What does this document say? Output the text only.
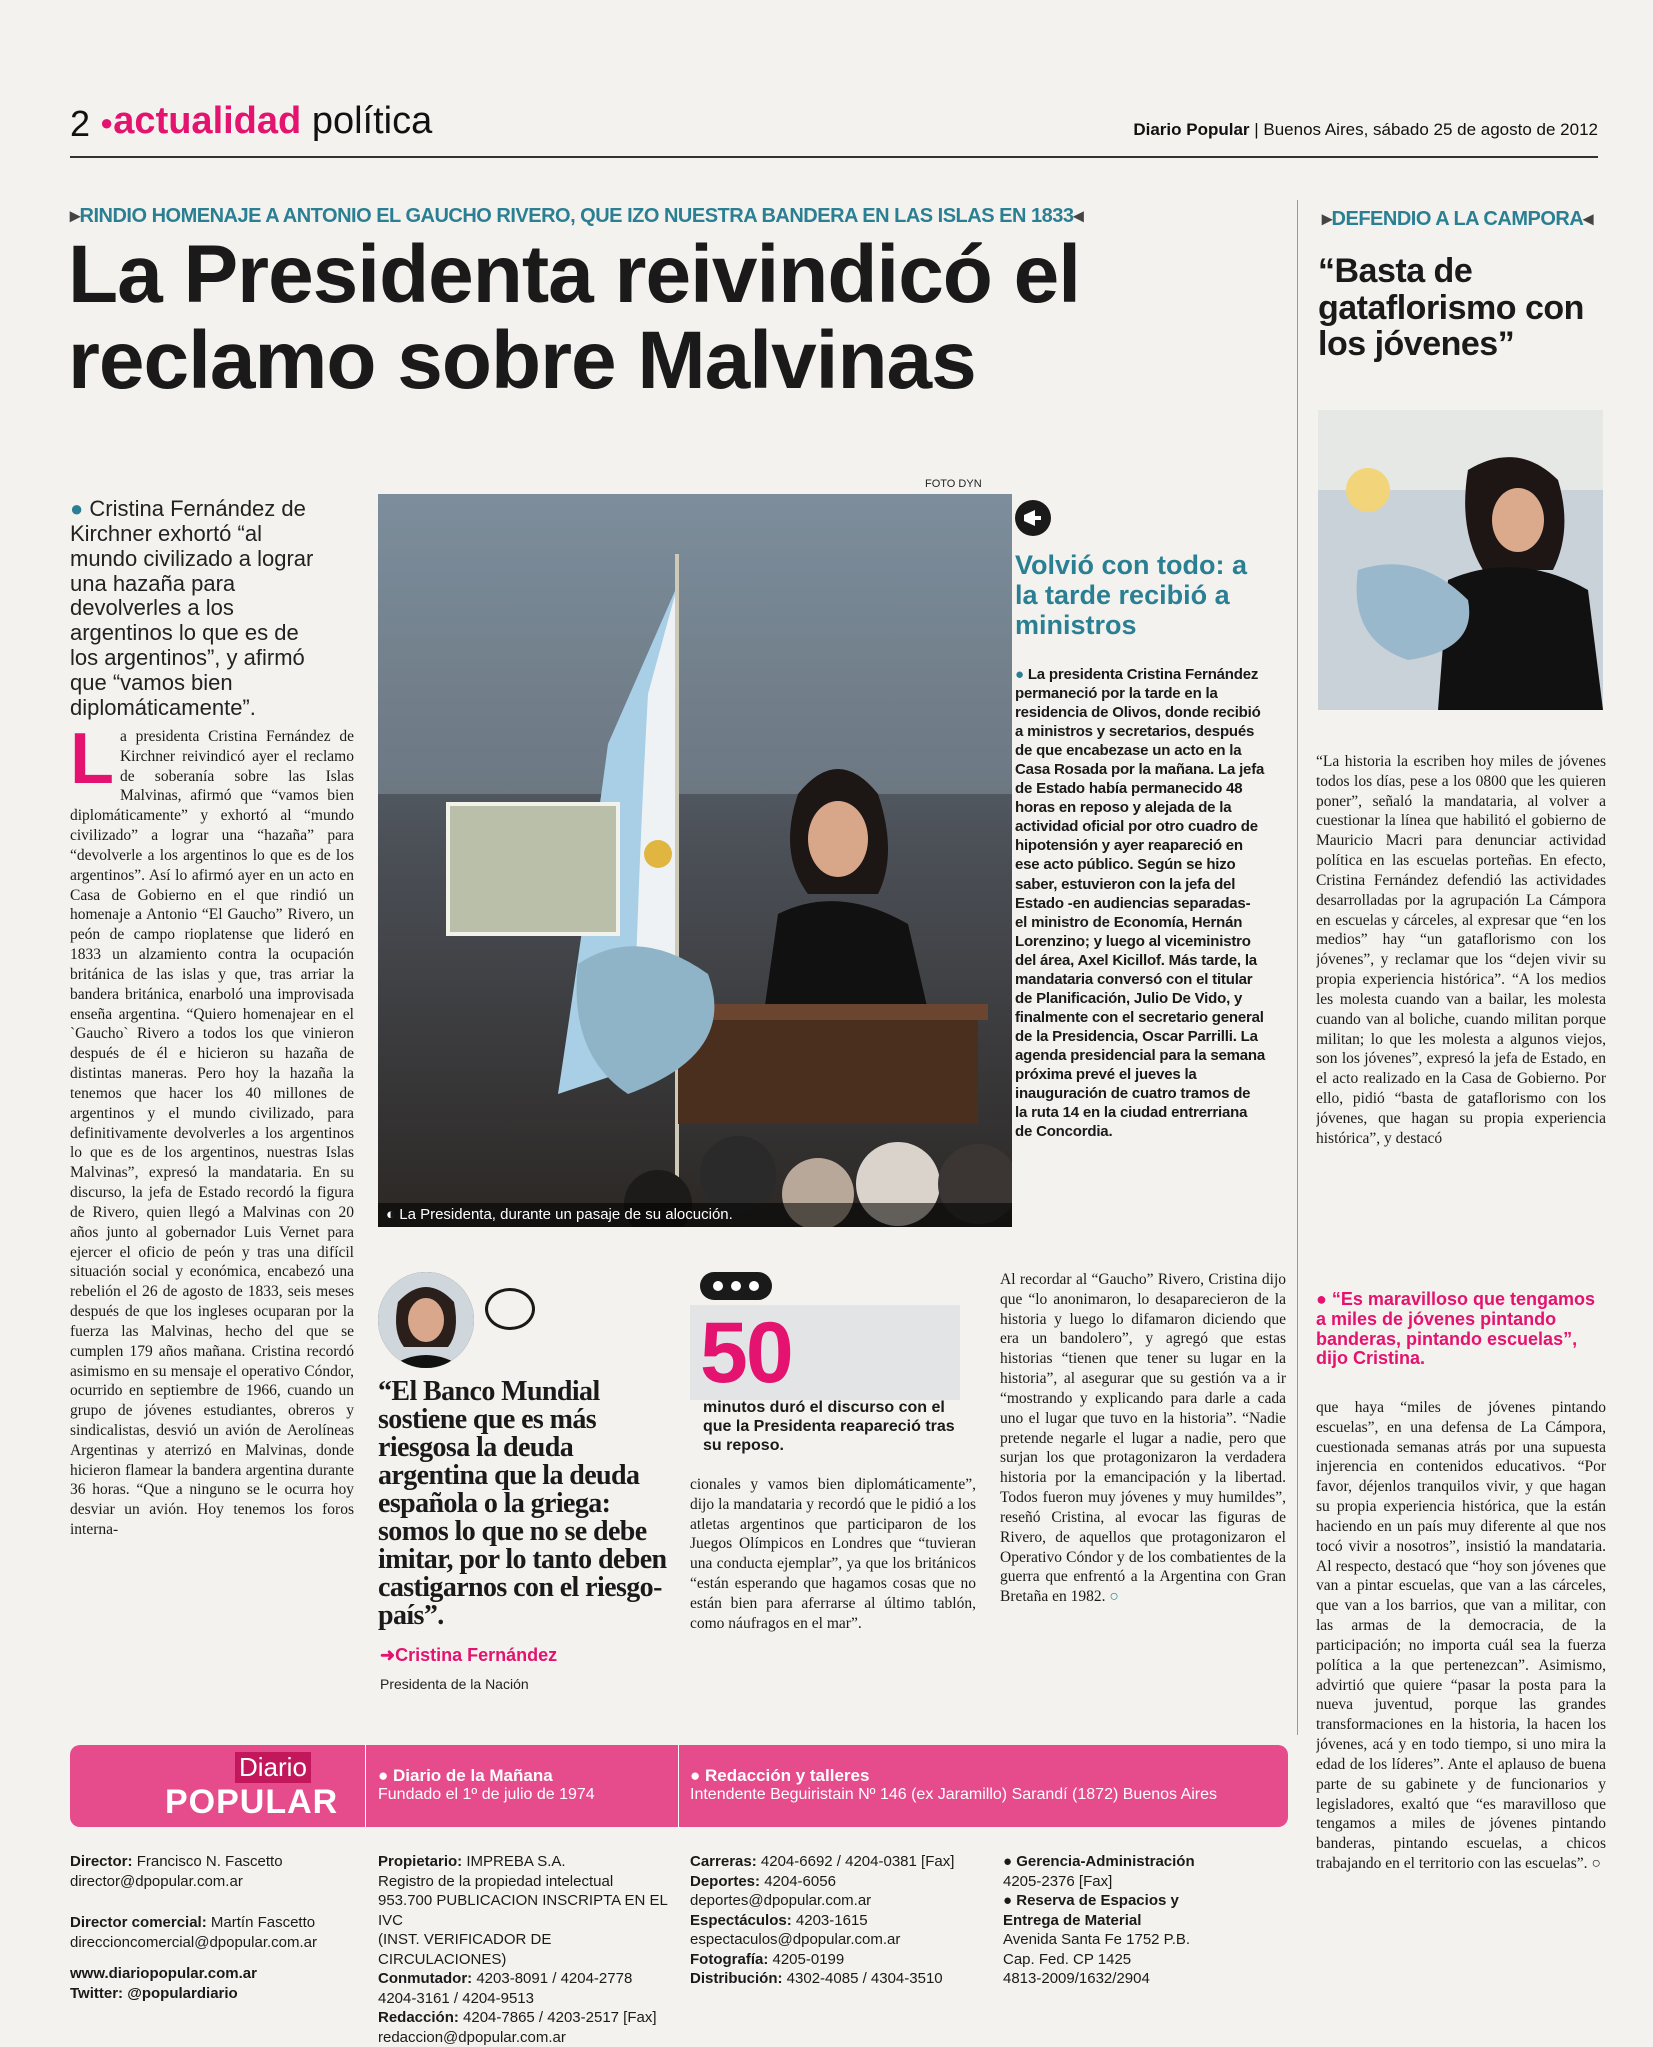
2 ●actualidad política	Diario Popular | Buenos Aires, sábado 25 de agosto de 2012
▸RINDIO HOMENAJE A ANTONIO EL GAUCHO RIVERO, QUE IZO NUESTRA BANDERA EN LAS ISLAS EN 1833◂
La Presidenta reivindicó el
reclamo sobre Malvinas
● Cristina Fernández de Kirchner exhortó “al mundo civilizado a lograr una hazaña para devolverles a los argentinos lo que es de los argentinos”, y afirmó que “vamos bien diplomáticamente”.
La presidenta Cristina Fernández de Kirchner reivindicó ayer el reclamo de soberanía sobre las Islas Malvinas, afirmó que “vamos bien diplomáticamente” y exhortó al “mundo civilizado” a lograr una “hazaña” para “devolverle a los argentinos lo que es de los argentinos”. Así lo afirmó ayer en un acto en Casa de Gobierno en el que rindió un homenaje a Antonio “El Gaucho” Rivero, un peón de campo rioplatense que lideró en 1833 un alzamiento contra la ocupación británica de las islas y que, tras arriar la bandera británica, enarboló una improvisada enseña argentina. “Quiero homenajear en el `Gaucho` Rivero a todos los que vinieron después de él e hicieron su hazaña de distintas maneras. Pero hoy la hazaña la tenemos que hacer los 40 millones de argentinos y el mundo civilizado, para definitivamente devolverles a los argentinos lo que es de los argentinos, nuestras Islas Malvinas”, expresó la mandataria. En su discurso, la jefa de Estado recordó la figura de Rivero, quien llegó a Malvinas con 20 años junto al gobernador Luis Vernet para ejercer el oficio de peón y tras una difícil situación social y económica, encabezó una rebelión el 26 de agosto de 1833, seis meses después de que los ingleses ocuparan por la fuerza las Malvinas, hecho del que se cumplen 179 años mañana. Cristina recordó asimismo en su mensaje el operativo Cóndor, ocurrido en septiembre de 1966, cuando un grupo de jóvenes estudiantes, obreros y sindicalistas, desvió un avión de Aerolíneas Argentinas y aterrizó en Malvinas, donde hicieron flamear la bandera argentina durante 36 horas. “Que a ninguno se le ocurra hoy desviar un avión. Hoy tenemos los foros interna-
FOTO DYN
◐ La Presidenta, durante un pasaje de su alocución.
Volvió con todo: a la tarde recibió a ministros
● La presidenta Cristina Fernández permaneció por la tarde en la residencia de Olivos, donde recibió a ministros y secretarios, después de que encabezase un acto en la Casa Rosada por la mañana. La jefa de Estado había permanecido 48 horas en reposo y alejada de la actividad oficial por otro cuadro de hipotensión y ayer reapareció en ese acto público. Según se hizo saber, estuvieron con la jefa del Estado -en audiencias separadas- el ministro de Economía, Hernán Lorenzino; y luego al viceministro del área, Axel Kicillof. Más tarde, la mandataria conversó con el titular de Planificación, Julio De Vido, y finalmente con el secretario general de la Presidencia, Oscar Parrilli. La agenda presidencial para la semana próxima prevé el jueves la inauguración de cuatro tramos de la ruta 14 en la ciudad entrerriana de Concordia.
“El Banco Mundial sostiene que es más riesgosa la deuda argentina que la deuda española o la griega: somos lo que no se debe imitar, por lo tanto deben castigarnos con el riesgo-país”.
➜Cristina Fernández
Presidenta de la Nación
50
minutos duró el discurso con el que la Presidenta reapareció tras su reposo.
cionales y vamos bien diplomáticamente”, dijo la mandataria y recordó que le pidió a los atletas argentinos que participaron de los Juegos Olímpicos en Londres que “tuvieran una conducta ejemplar”, ya que los británicos “están esperando que hagamos cosas que no están bien para aferrarse al último tablón, como náufragos en el mar”.
Al recordar al “Gaucho” Rivero, Cristina dijo que “lo anonimaron, lo desaparecieron de la historia y luego lo difamaron diciendo que era un bandolero”, y agregó que estas historias “tienen que tener su lugar en la historia”, al asegurar que su gestión va a ir “mostrando y explicando para darle a cada uno el lugar que tuvo en la historia”. “Nadie pretende negarle el lugar a nadie, pero que surjan los que protagonizaron la verdadera historia por la emancipación y la libertad. Todos fueron muy jóvenes y muy humildes”, reseñó Cristina, al evocar las figuras de Rivero, de aquellos que protagonizaron el Operativo Cóndor y de los combatientes de la guerra que enfrentó a la Argentina con Gran Bretaña en 1982. ○
▸DEFENDIO A LA CAMPORA◂
“Basta de gataflorismo con los jóvenes”
“La historia la escriben hoy miles de jóvenes todos los días, pese a los 0800 que les quieren poner”, señaló la mandataria, al volver a cuestionar la línea que habilitó el gobierno de Mauricio Macri para denunciar actividad política en las escuelas porteñas. En efecto, Cristina Fernández defendió las actividades desarrolladas por la agrupación La Cámpora en escuelas y cárceles, al expresar que “en los medios” hay “un gataflorismo con los jóvenes”, y reclamar que los “dejen vivir su propia experiencia histórica”. “A los medios les molesta cuando van a bailar, les molesta cuando van al boliche, cuando militan porque militan; lo que les molesta a algunos viejos, son los jóvenes”, expresó la jefa de Estado, en el acto realizado en la Casa de Gobierno. Por ello, pidió “basta de gataflorismo con los jóvenes, que hagan su propia experiencia histórica”, y destacó
● “Es maravilloso que tengamos a miles de jóvenes pintando banderas, pintando escuelas”, dijo Cristina.
que haya “miles de jóvenes pintando escuelas”, en una defensa de La Cámpora, cuestionada semanas atrás por una supuesta injerencia en contenidos educativos. “Por favor, déjenlos tranquilos vivir, y que hagan su propia experiencia histórica, que la están haciendo en un país muy diferente al que nos tocó vivir a nosotros”, insistió la mandataria. Al respecto, destacó que “hoy son jóvenes que van a pintar escuelas, que van a las cárceles, que van a los barrios, que van a militar, con las armas de la democracia, de la participación; no importa cuál sea la fuerza política a la que pertenezcan”. Asimismo, advirtió que quiere “pasar la posta para la nueva juventud, porque las grandes transformaciones en la historia, la hacen los jóvenes, acá y en todo tiempo, si uno mira la edad de los líderes”. Ante el aplauso de buena parte de su gabinete y de funcionarios y legisladores, exaltó que “es maravilloso que tengamos a miles de jóvenes pintando banderas, pintando escuelas, a chicos trabajando en el territorio con las escuelas”. ○
Diario
POPULAR
● Diario de la Mañana
Fundado el 1º de julio de 1974
● Redacción y talleres
Intendente Beguiristain Nº 146 (ex Jaramillo) Sarandí (1872) Buenos Aires
Director: Francisco N. Fascetto
director@dpopular.com.ar
Director comercial: Martín Fascetto
direccioncomercial@dpopular.com.ar
www.diariopopular.com.ar
Twitter: @populardiario
Propietario: IMPREBA S.A.
Registro de la propiedad intelectual
953.700 PUBLICACION INSCRIPTA EN EL IVC
(INST. VERIFICADOR DE CIRCULACIONES)
Conmutador: 4203-8091 / 4204-2778
4204-3161 / 4204-9513
Redacción: 4204-7865 / 4203-2517 [Fax]
redaccion@dpopular.com.ar
Carreras: 4204-6692 / 4204-0381 [Fax]
Deportes: 4204-6056
deportes@dpopular.com.ar
Espectáculos: 4203-1615
espectaculos@dpopular.com.ar
Fotografía: 4205-0199
Distribución: 4302-4085 / 4304-3510
● Gerencia-Administración
4205-2376 [Fax]
● Reserva de Espacios y
Entrega de Material
Avenida Santa Fe 1752 P.B.
Cap. Fed. CP 1425
4813-2009/1632/2904
